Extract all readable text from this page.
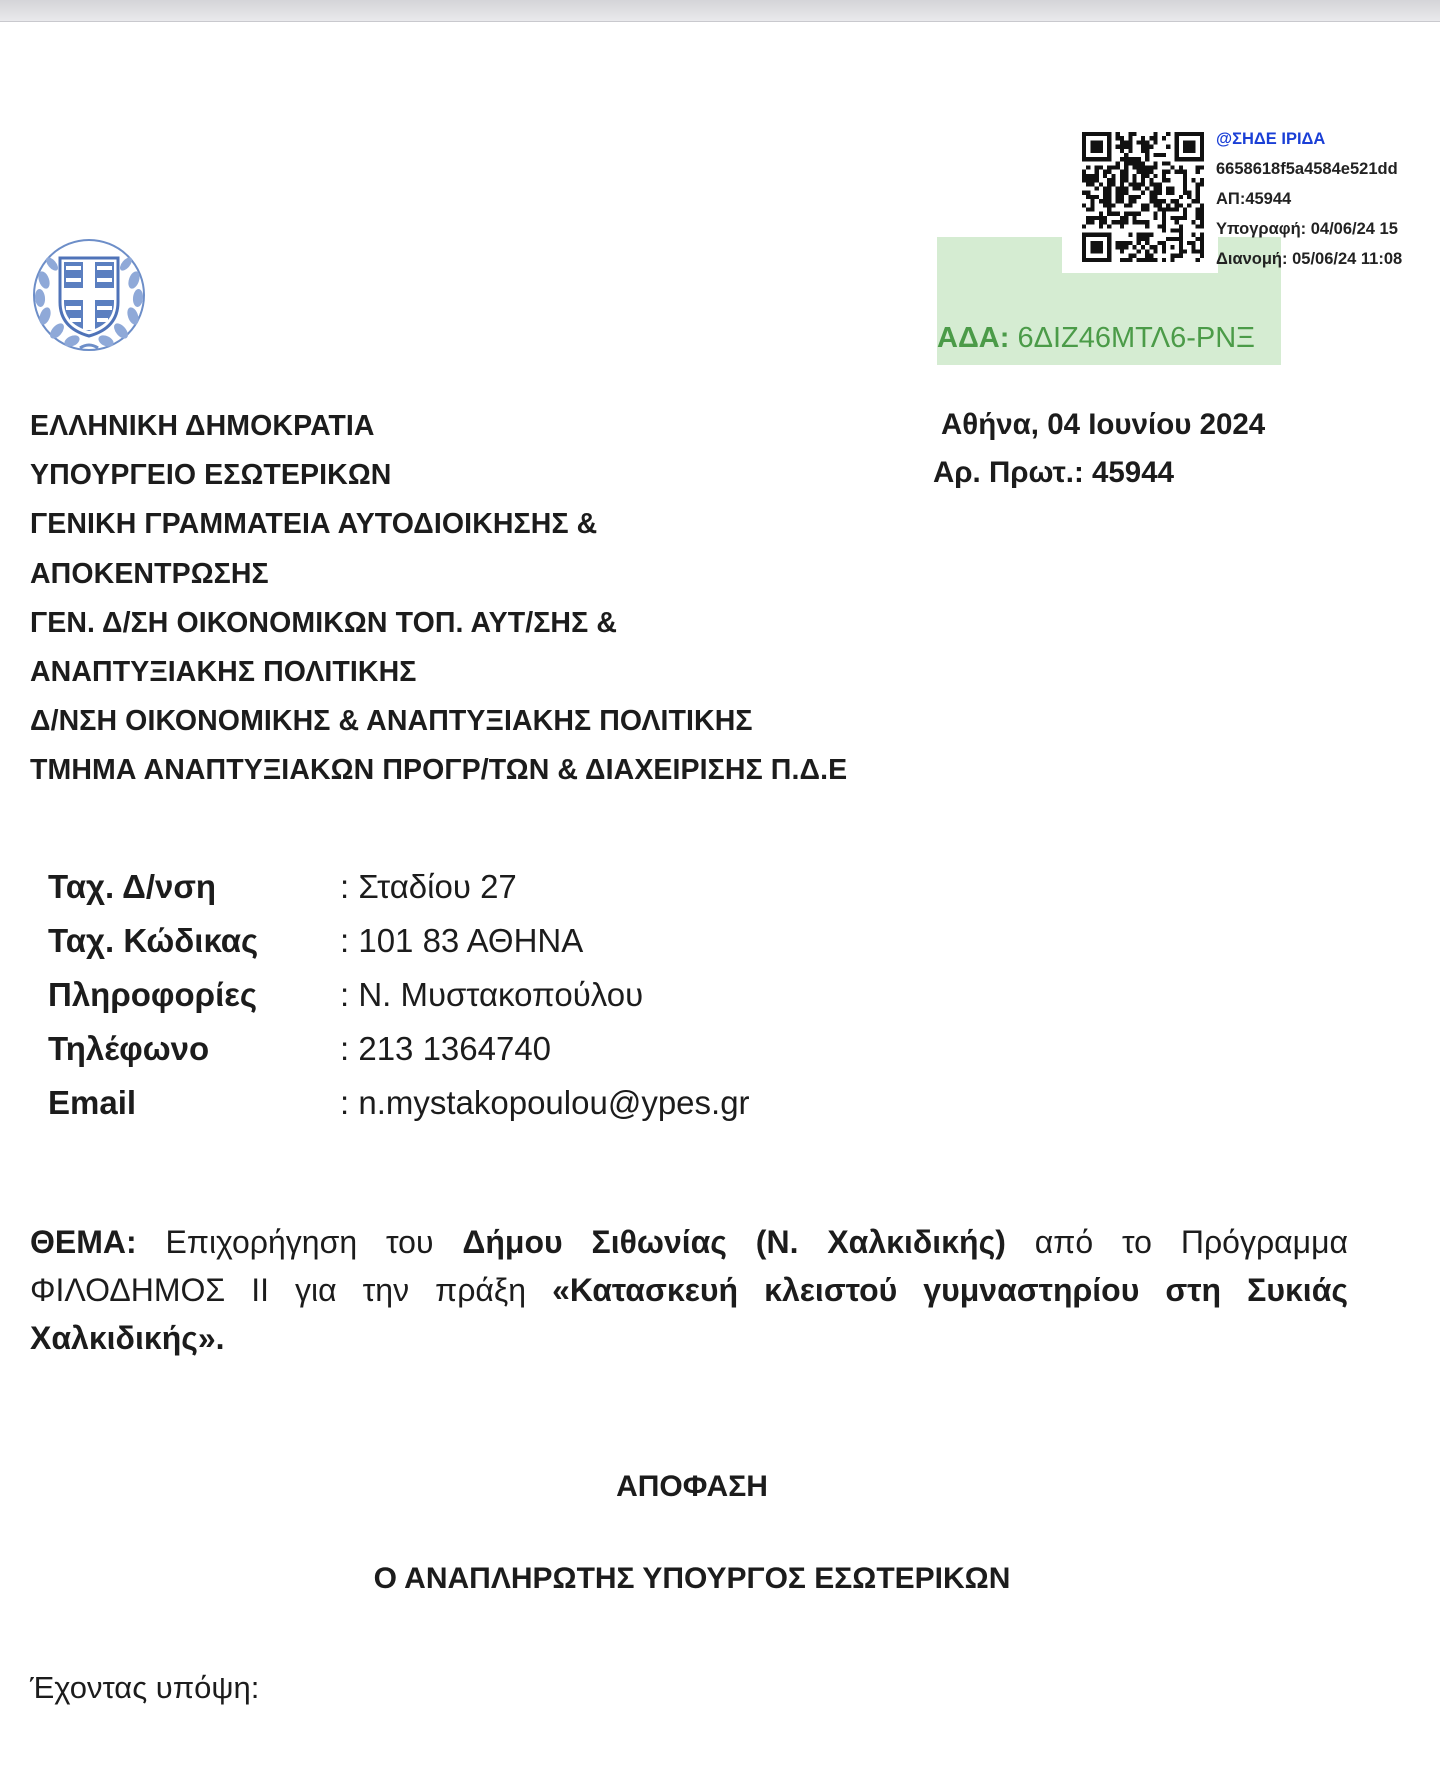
ΑΔΑ: 6ΔΙΖ46ΜΤΛ6-ΡΝΞ
@ΣΗΔΕ ΙΡΙΔΑ
6658618f5a4584e521dd
ΑΠ:45944
Υπογραφή: 04/06/24 15
Διανομή: 05/06/24 11:08
ΕΛΛΗΝΙΚΗ ΔΗΜΟΚΡΑΤΙΑ
ΥΠΟΥΡΓΕΙΟ ΕΣΩΤΕΡΙΚΩΝ
ΓΕΝΙΚΗ ΓΡΑΜΜΑΤΕΙΑ ΑΥΤΟΔΙΟΙΚΗΣΗΣ &
ΑΠΟΚΕΝΤΡΩΣΗΣ
ΓΕΝ. Δ/ΣΗ ΟΙΚΟΝΟΜΙΚΩΝ ΤΟΠ. ΑΥΤ/ΣΗΣ &
ΑΝΑΠΤΥΞΙΑΚΗΣ ΠΟΛΙΤΙΚΗΣ
Δ/ΝΣΗ ΟΙΚΟΝΟΜΙΚΗΣ & ΑΝΑΠΤΥΞΙΑΚΗΣ ΠΟΛΙΤΙΚΗΣ
ΤΜΗΜΑ ΑΝΑΠΤΥΞΙΑΚΩΝ ΠΡΟΓΡ/ΤΩΝ & ΔΙΑΧΕΙΡΙΣΗΣ Π.Δ.Ε
Αθήνα, 04 Ιουνίου 2024
Αρ. Πρωτ.: 45944
Ταχ. Δ/νση	: Σταδίου 27
Ταχ. Κώδικας	: 101 83 ΑΘΗΝΑ
Πληροφορίες	: Ν. Μυστακοπούλου
Τηλέφωνο	: 213 1364740
Email	: n.mystakopoulou@ypes.gr
ΘΕΜΑ: Επιχορήγηση του Δήμου Σιθωνίας (Ν. Χαλκιδικής) από το Πρόγραμμα ΦΙΛΟΔΗΜΟΣ ΙΙ για την πράξη «Κατασκευή κλειστού γυμναστηρίου στη Συκιάς Χαλκιδικής».
ΑΠΟΦΑΣΗ
Ο ΑΝΑΠΛΗΡΩΤΗΣ ΥΠΟΥΡΓΟΣ ΕΣΩΤΕΡΙΚΩΝ
Έχοντας υπόψη:
